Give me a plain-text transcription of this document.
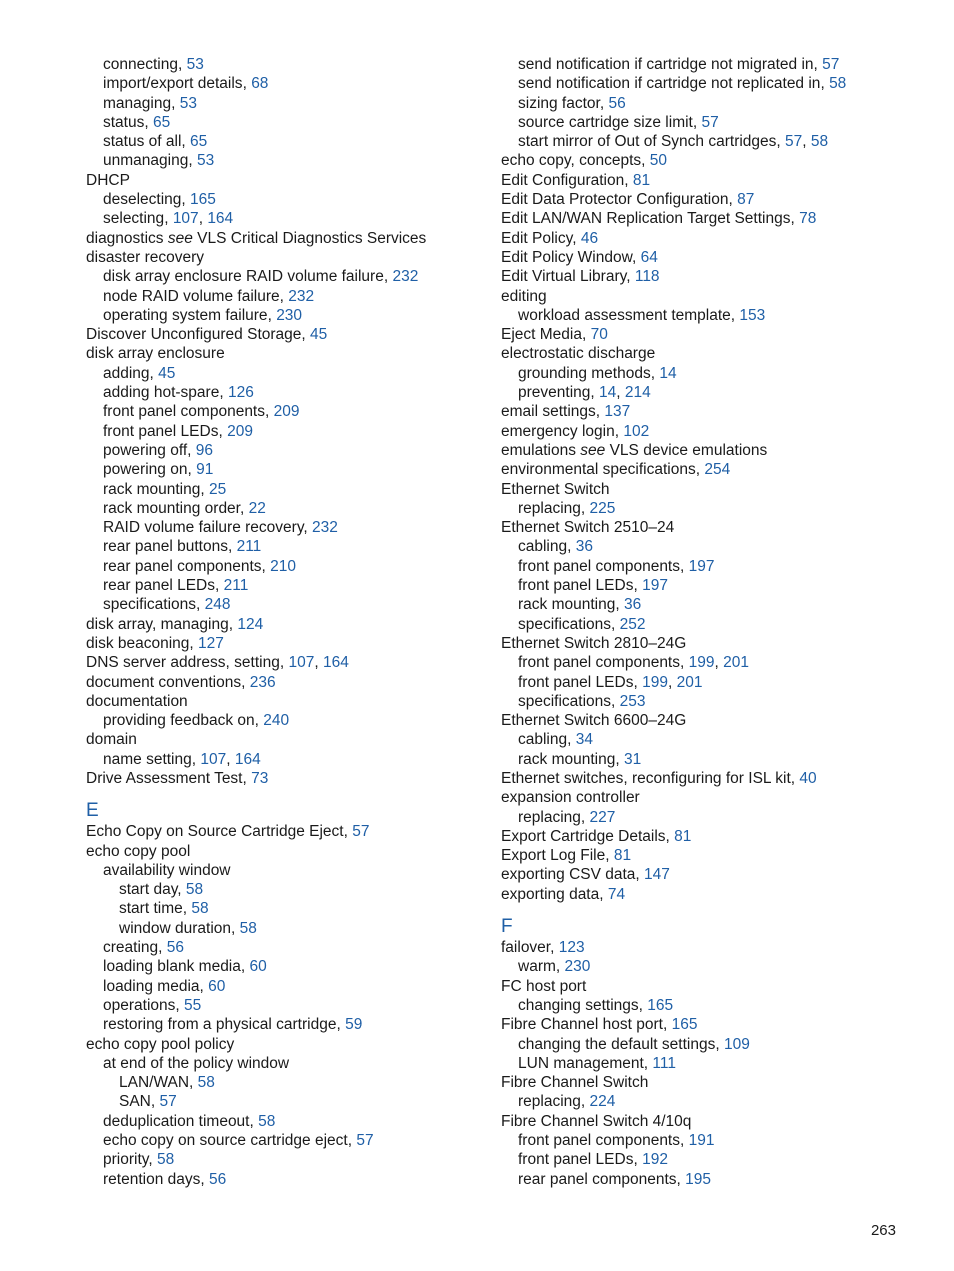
connecting, 53
import/export details, 68
managing, 53
status, 65
status of all, 65
unmanaging, 53
DHCP
deselecting, 165
selecting, 107, 164
diagnostics see VLS Critical Diagnostics Services
disaster recovery
disk array enclosure RAID volume failure, 232
node RAID volume failure, 232
operating system failure, 230
Discover Unconfigured Storage, 45
disk array enclosure
adding, 45
adding hot-spare, 126
front panel components, 209
front panel LEDs, 209
powering off, 96
powering on, 91
rack mounting, 25
rack mounting order, 22
RAID volume failure recovery, 232
rear panel buttons, 211
rear panel components, 210
rear panel LEDs, 211
specifications, 248
disk array, managing, 124
disk beaconing, 127
DNS server address, setting, 107, 164
document conventions, 236
documentation
providing feedback on, 240
domain
name setting, 107, 164
Drive Assessment Test, 73
E
Echo Copy on Source Cartridge Eject, 57
echo copy pool
availability window
start day, 58
start time, 58
window duration, 58
creating, 56
loading blank media, 60
loading media, 60
operations, 55
restoring from a physical cartridge, 59
echo copy pool policy
at end of the policy window
LAN/WAN, 58
SAN, 57
deduplication timeout, 58
echo copy on source cartridge eject, 57
priority, 58
retention days, 56
send notification if cartridge not migrated in, 57
send notification if cartridge not replicated in, 58
sizing factor, 56
source cartridge size limit, 57
start mirror of Out of Synch cartridges, 57, 58
echo copy, concepts, 50
Edit Configuration, 81
Edit Data Protector Configuration, 87
Edit LAN/WAN Replication Target Settings, 78
Edit Policy, 46
Edit Policy Window, 64
Edit Virtual Library, 118
editing
workload assessment template, 153
Eject Media, 70
electrostatic discharge
grounding methods, 14
preventing, 14, 214
email settings, 137
emergency login, 102
emulations see VLS device emulations
environmental specifications, 254
Ethernet Switch
replacing, 225
Ethernet Switch 2510–24
cabling, 36
front panel components, 197
front panel LEDs, 197
rack mounting, 36
specifications, 252
Ethernet Switch 2810–24G
front panel components, 199, 201
front panel LEDs, 199, 201
specifications, 253
Ethernet Switch 6600–24G
cabling, 34
rack mounting, 31
Ethernet switches, reconfiguring for ISL kit, 40
expansion controller
replacing, 227
Export Cartridge Details, 81
Export Log File, 81
exporting CSV data, 147
exporting data, 74
F
failover, 123
warm, 230
FC host port
changing settings, 165
Fibre Channel host port, 165
changing the default settings, 109
LUN management, 111
Fibre Channel Switch
replacing, 224
Fibre Channel Switch 4/10q
front panel components, 191
front panel LEDs, 192
rear panel components, 195
263
